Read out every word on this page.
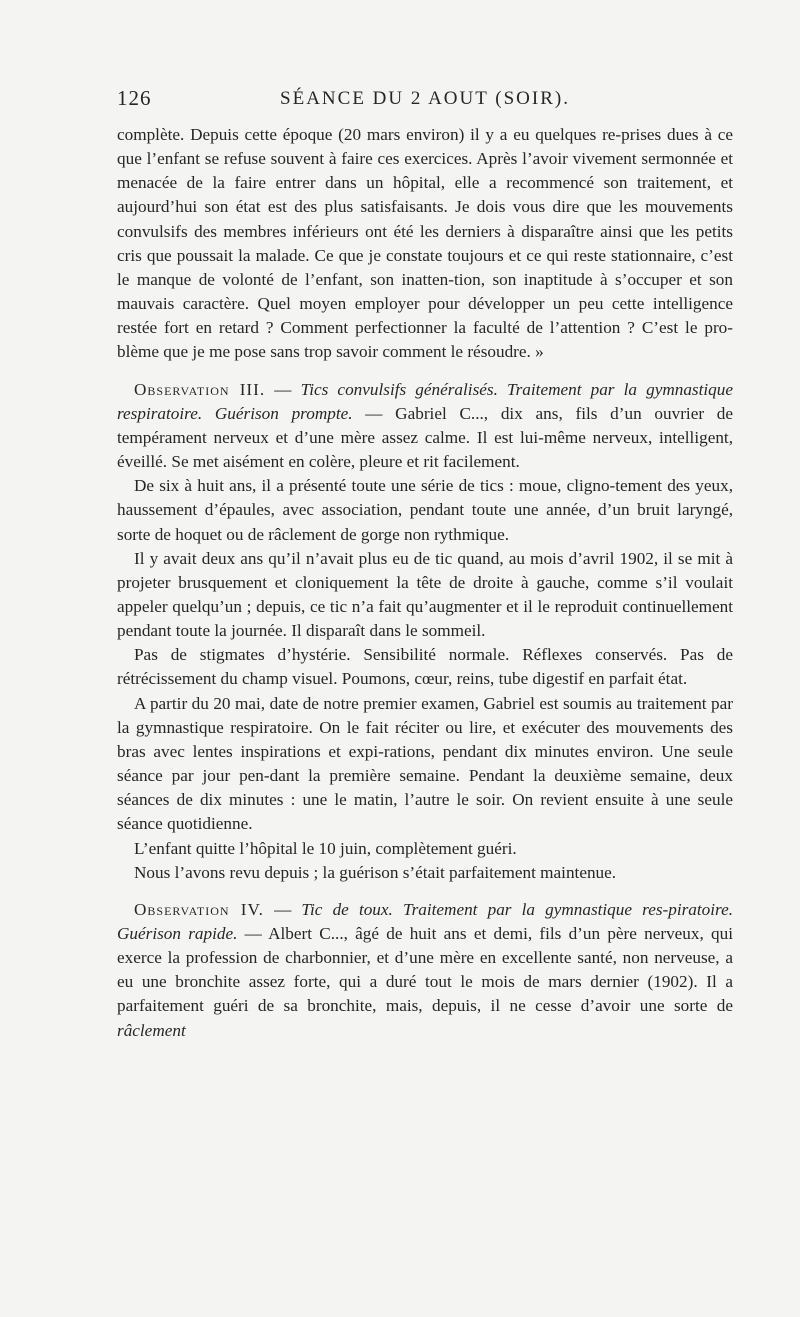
126	SÉANCE DU 2 AOUT (SOIR).

complète. Depuis cette époque (20 mars environ) il y a eu quelques re-prises dues à ce que l’enfant se refuse souvent à faire ces exercices. Après l’avoir vivement sermonnée et menacée de la faire entrer dans un hôpital, elle a recommencé son traitement, et aujourd’hui son état est des plus satisfaisants. Je dois vous dire que les mouvements convulsifs des membres inférieurs ont été les derniers à disparaître ainsi que les petits cris que poussait la malade. Ce que je constate toujours et ce qui reste stationnaire, c’est le manque de volonté de l’enfant, son inatten-tion, son inaptitude à s’occuper et son mauvais caractère. Quel moyen employer pour développer un peu cette intelligence restée fort en retard ? Comment perfectionner la faculté de l’attention ? C’est le pro-blème que je me pose sans trop savoir comment le résoudre. »

Observation III. — Tics convulsifs généralisés. Traitement par la gymnastique respiratoire. Guérison prompte. — Gabriel C..., dix ans, fils d’un ouvrier de tempérament nerveux et d’une mère assez calme. Il est lui-même nerveux, intelligent, éveillé. Se met aisément en colère, pleure et rit facilement.

De six à huit ans, il a présenté toute une série de tics : moue, cligno-tement des yeux, haussement d’épaules, avec association, pendant toute une année, d’un bruit laryngé, sorte de hoquet ou de râclement de gorge non rythmique.

Il y avait deux ans qu’il n’avait plus eu de tic quand, au mois d’avril 1902, il se mit à projeter brusquement et cloniquement la tête de droite à gauche, comme s’il voulait appeler quelqu’un ; depuis, ce tic n’a fait qu’augmenter et il le reproduit continuellement pendant toute la journée. Il disparaît dans le sommeil.

Pas de stigmates d’hystérie. Sensibilité normale. Réflexes conservés. Pas de rétrécissement du champ visuel. Poumons, cœur, reins, tube digestif en parfait état.

A partir du 20 mai, date de notre premier examen, Gabriel est soumis au traitement par la gymnastique respiratoire. On le fait réciter ou lire, et exécuter des mouvements des bras avec lentes inspirations et expi-rations, pendant dix minutes environ. Une seule séance par jour pen-dant la première semaine. Pendant la deuxième semaine, deux séances de dix minutes : une le matin, l’autre le soir. On revient ensuite à une seule séance quotidienne.

L’enfant quitte l’hôpital le 10 juin, complètement guéri.

Nous l’avons revu depuis ; la guérison s’était parfaitement maintenue.

Observation IV. — Tic de toux. Traitement par la gymnastique res-piratoire. Guérison rapide. — Albert C..., âgé de huit ans et demi, fils d’un père nerveux, qui exerce la profession de charbonnier, et d’une mère en excellente santé, non nerveuse, a eu une bronchite assez forte, qui a duré tout le mois de mars dernier (1902). Il a parfaitement guéri de sa bronchite, mais, depuis, il ne cesse d’avoir une sorte de râclement
